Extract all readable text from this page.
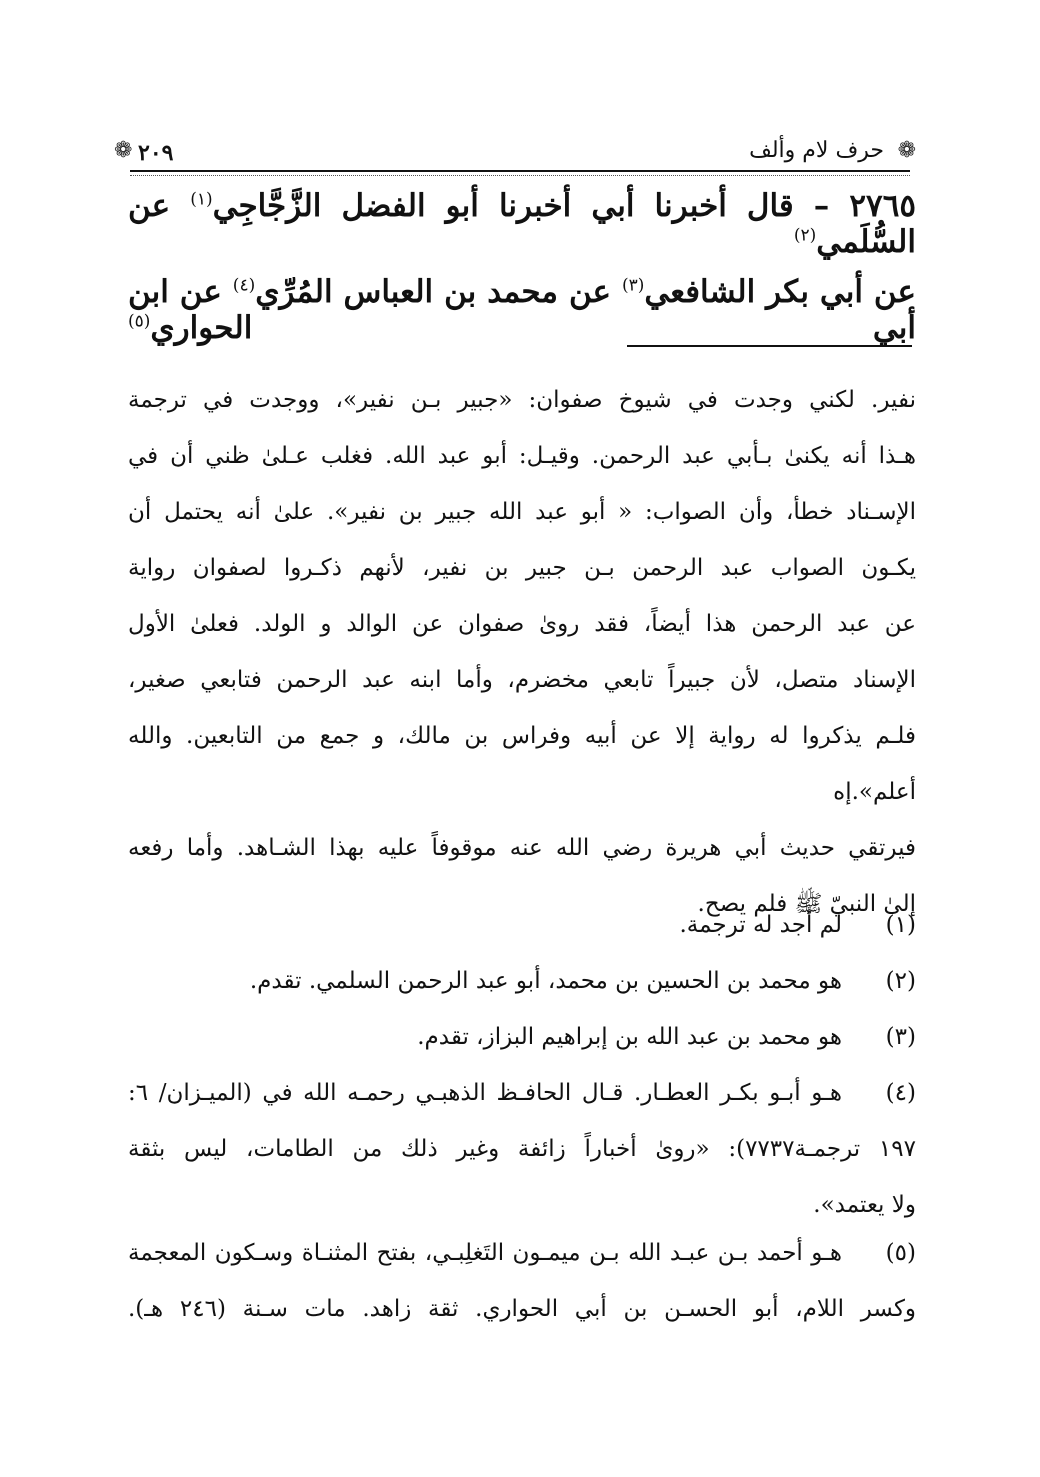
❁ ٢٠٩	حرف لام وألف ❁
٢٧٦٥ – قال أخبرنا أبي أخبرنا أبو الفضل الزَّجَّاجِي$^{(١)}$ عن السُّلَمي$^{(٢)}$
عن أبي بكر الشافعي$^{(٣)}$ عن محمد بن العباس المُرِّي$^{(٤)}$ عن ابن أبي الحواري$^{(٥)}$
نفير. لكني وجدت في شيوخ صفوان: «جبير بـن نفير»، ووجدت في ترجمة
هـذا أنه يكنىٰ بـأبي عبد الرحمن. وقيـل: أبو عبد الله. فغلب عـلىٰ ظني أن في
الإسـناد خطأ، وأن الصواب: « أبو عبد الله جبير بن نفير». علىٰ أنه يحتمل أن
يكـون الصواب عبد الرحمن بـن جبير بن نفير، لأنهم ذكـروا لصفوان رواية
عن عبد الرحمن هذا أيضاً، فقد روىٰ صفوان عن الوالد و الولد. فعلىٰ الأول
الإسناد متصل، لأن جبيراً تابعي مخضرم، وأما ابنه عبد الرحمن فتابعي صغير،
فلـم يذكروا له رواية إلا عن أبيه وفراس بن مالك، و جمع من التابعين. والله
أعلم».إه
فيرتقي حديث أبي هريرة رضي الله عنه موقوفاً عليه بهذا الشـاهد. وأما رفعه
إلىٰ النبيّ ﷺ فلم يصح.
(١)
لم أجد له ترجمة.
(٢)
هو محمد بن الحسين بن محمد، أبو عبد الرحمن السلمي. تقدم.
(٣)
هو محمد بن عبد الله بن إبراهيم البزاز، تقدم.
(٤)
هـو أبـو بكـر العطـار. قـال الحافـظ الذهبـي رحمـه الله في (الميـزان/ ٦:
١٩٧ ترجمـة٧٧٣٧): «روىٰ أخباراً زائفة وغير ذلك من الطامات، ليس بثقة
ولا يعتمد».
(٥)
هـو أحمد بـن عبـد الله بـن ميمـون التَغلِبـي، بفتح المثنـاة وسـكون المعجمة
وكسر اللام، أبو الحسـن بن أبي الحواري. ثقة زاهد. مات سـنة (٢٤٦ هـ).
